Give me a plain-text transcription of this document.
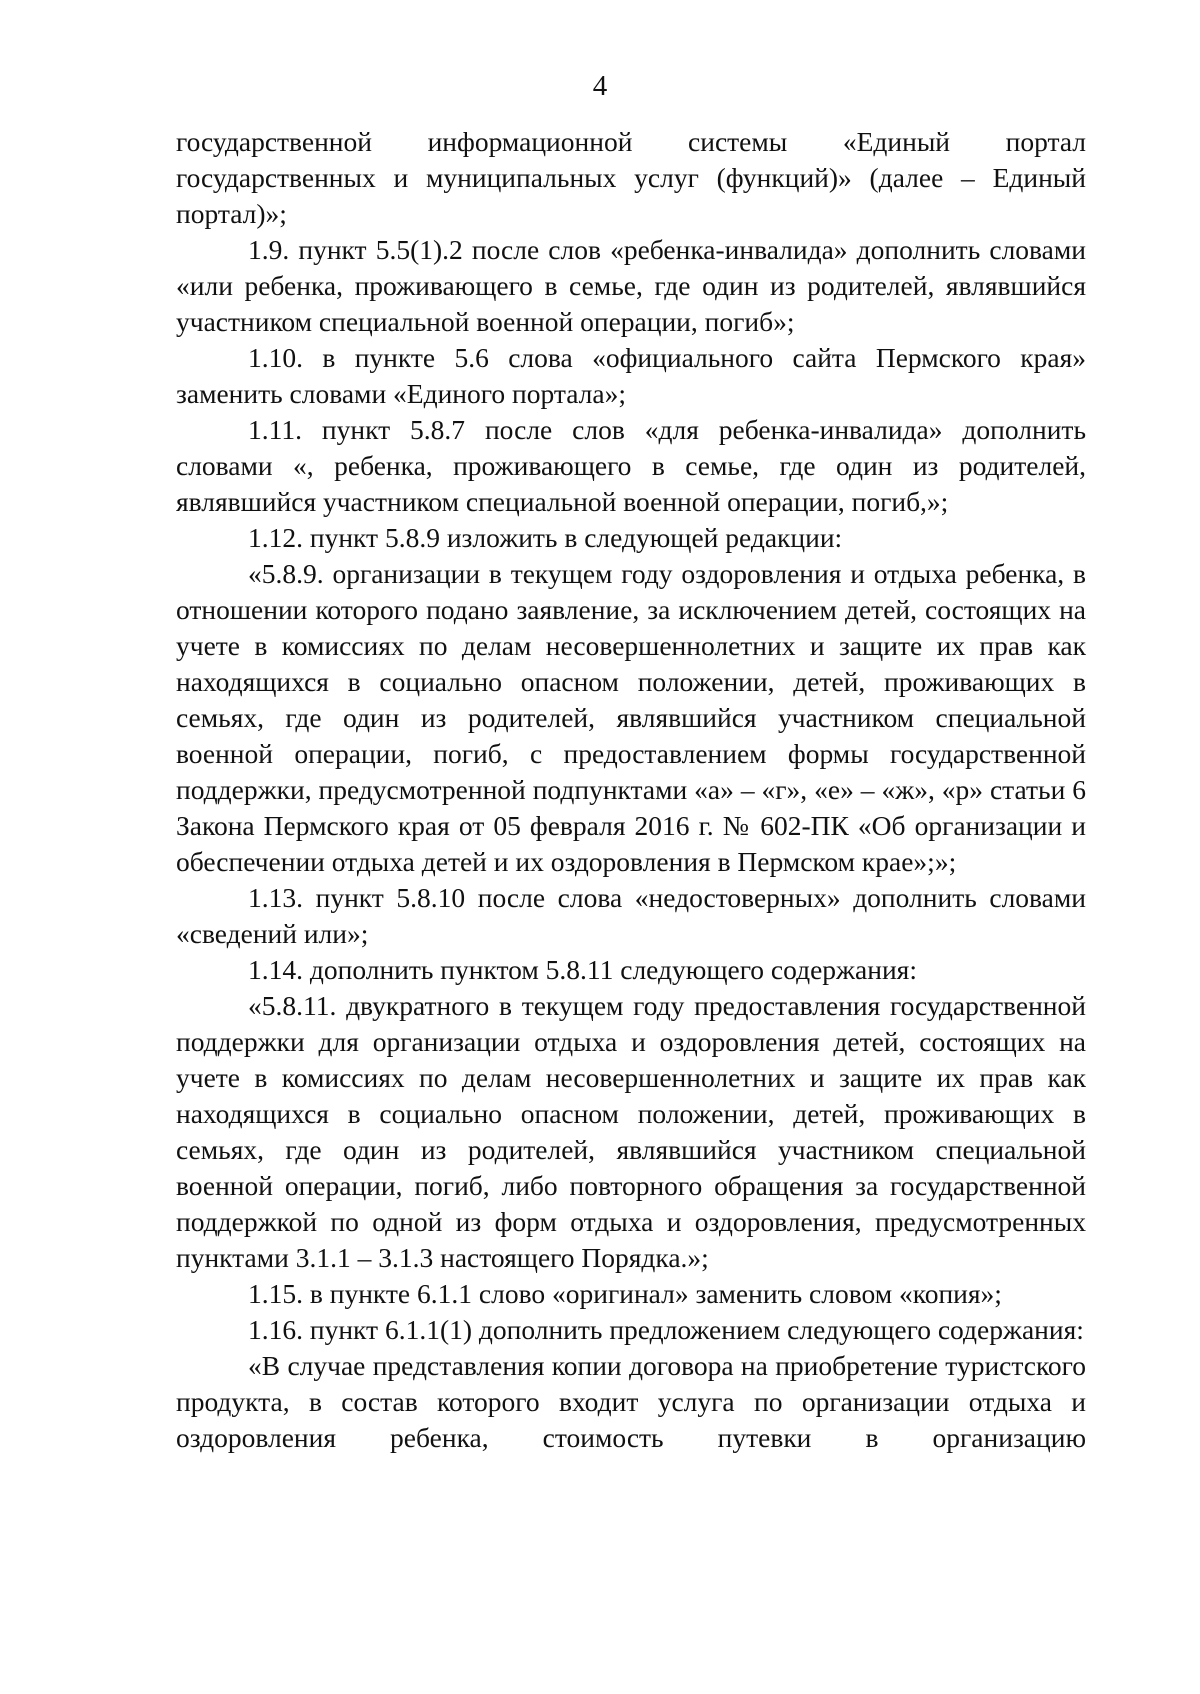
4

государственной информационной системы «Единый портал государственных и муниципальных услуг (функций)» (далее – Единый портал)»;

1.9. пункт 5.5(1).2 после слов «ребенка-инвалида» дополнить словами «или ребенка, проживающего в семье, где один из родителей, являвшийся участником специальной военной операции, погиб»;

1.10. в пункте 5.6 слова «официального сайта Пермского края» заменить словами «Единого портала»;

1.11. пункт 5.8.7 после слов «для ребенка-инвалида» дополнить словами «, ребенка, проживающего в семье, где один из родителей, являвшийся участником специальной военной операции, погиб,»;

1.12. пункт 5.8.9 изложить в следующей редакции:

«5.8.9. организации в текущем году оздоровления и отдыха ребенка, в отношении которого подано заявление, за исключением детей, состоящих на учете в комиссиях по делам несовершеннолетних и защите их прав как находящихся в социально опасном положении, детей, проживающих в семьях, где один из родителей, являвшийся участником специальной военной операции, погиб, с предоставлением формы государственной поддержки, предусмотренной подпунктами «а» – «г», «е» – «ж», «р» статьи 6 Закона Пермского края от 05 февраля 2016 г. № 602-ПК «Об организации и обеспечении отдыха детей и их оздоровления в Пермском крае»;»;

1.13. пункт 5.8.10 после слова «недостоверных» дополнить словами «сведений или»;

1.14. дополнить пунктом 5.8.11 следующего содержания:

«5.8.11. двукратного в текущем году предоставления государственной поддержки для организации отдыха и оздоровления детей, состоящих на учете в комиссиях по делам несовершеннолетних и защите их прав как находящихся в социально опасном положении, детей, проживающих в семьях, где один из родителей, являвшийся участником специальной военной операции, погиб, либо повторного обращения за государственной поддержкой по одной из форм отдыха и оздоровления, предусмотренных пунктами 3.1.1 – 3.1.3 настоящего Порядка.»;

1.15. в пункте 6.1.1 слово «оригинал» заменить словом «копия»;

1.16. пункт 6.1.1(1) дополнить предложением следующего содержания:

«В случае представления копии договора на приобретение туристского продукта, в состав которого входит услуга по организации отдыха и оздоровления ребенка, стоимость путевки в организацию
